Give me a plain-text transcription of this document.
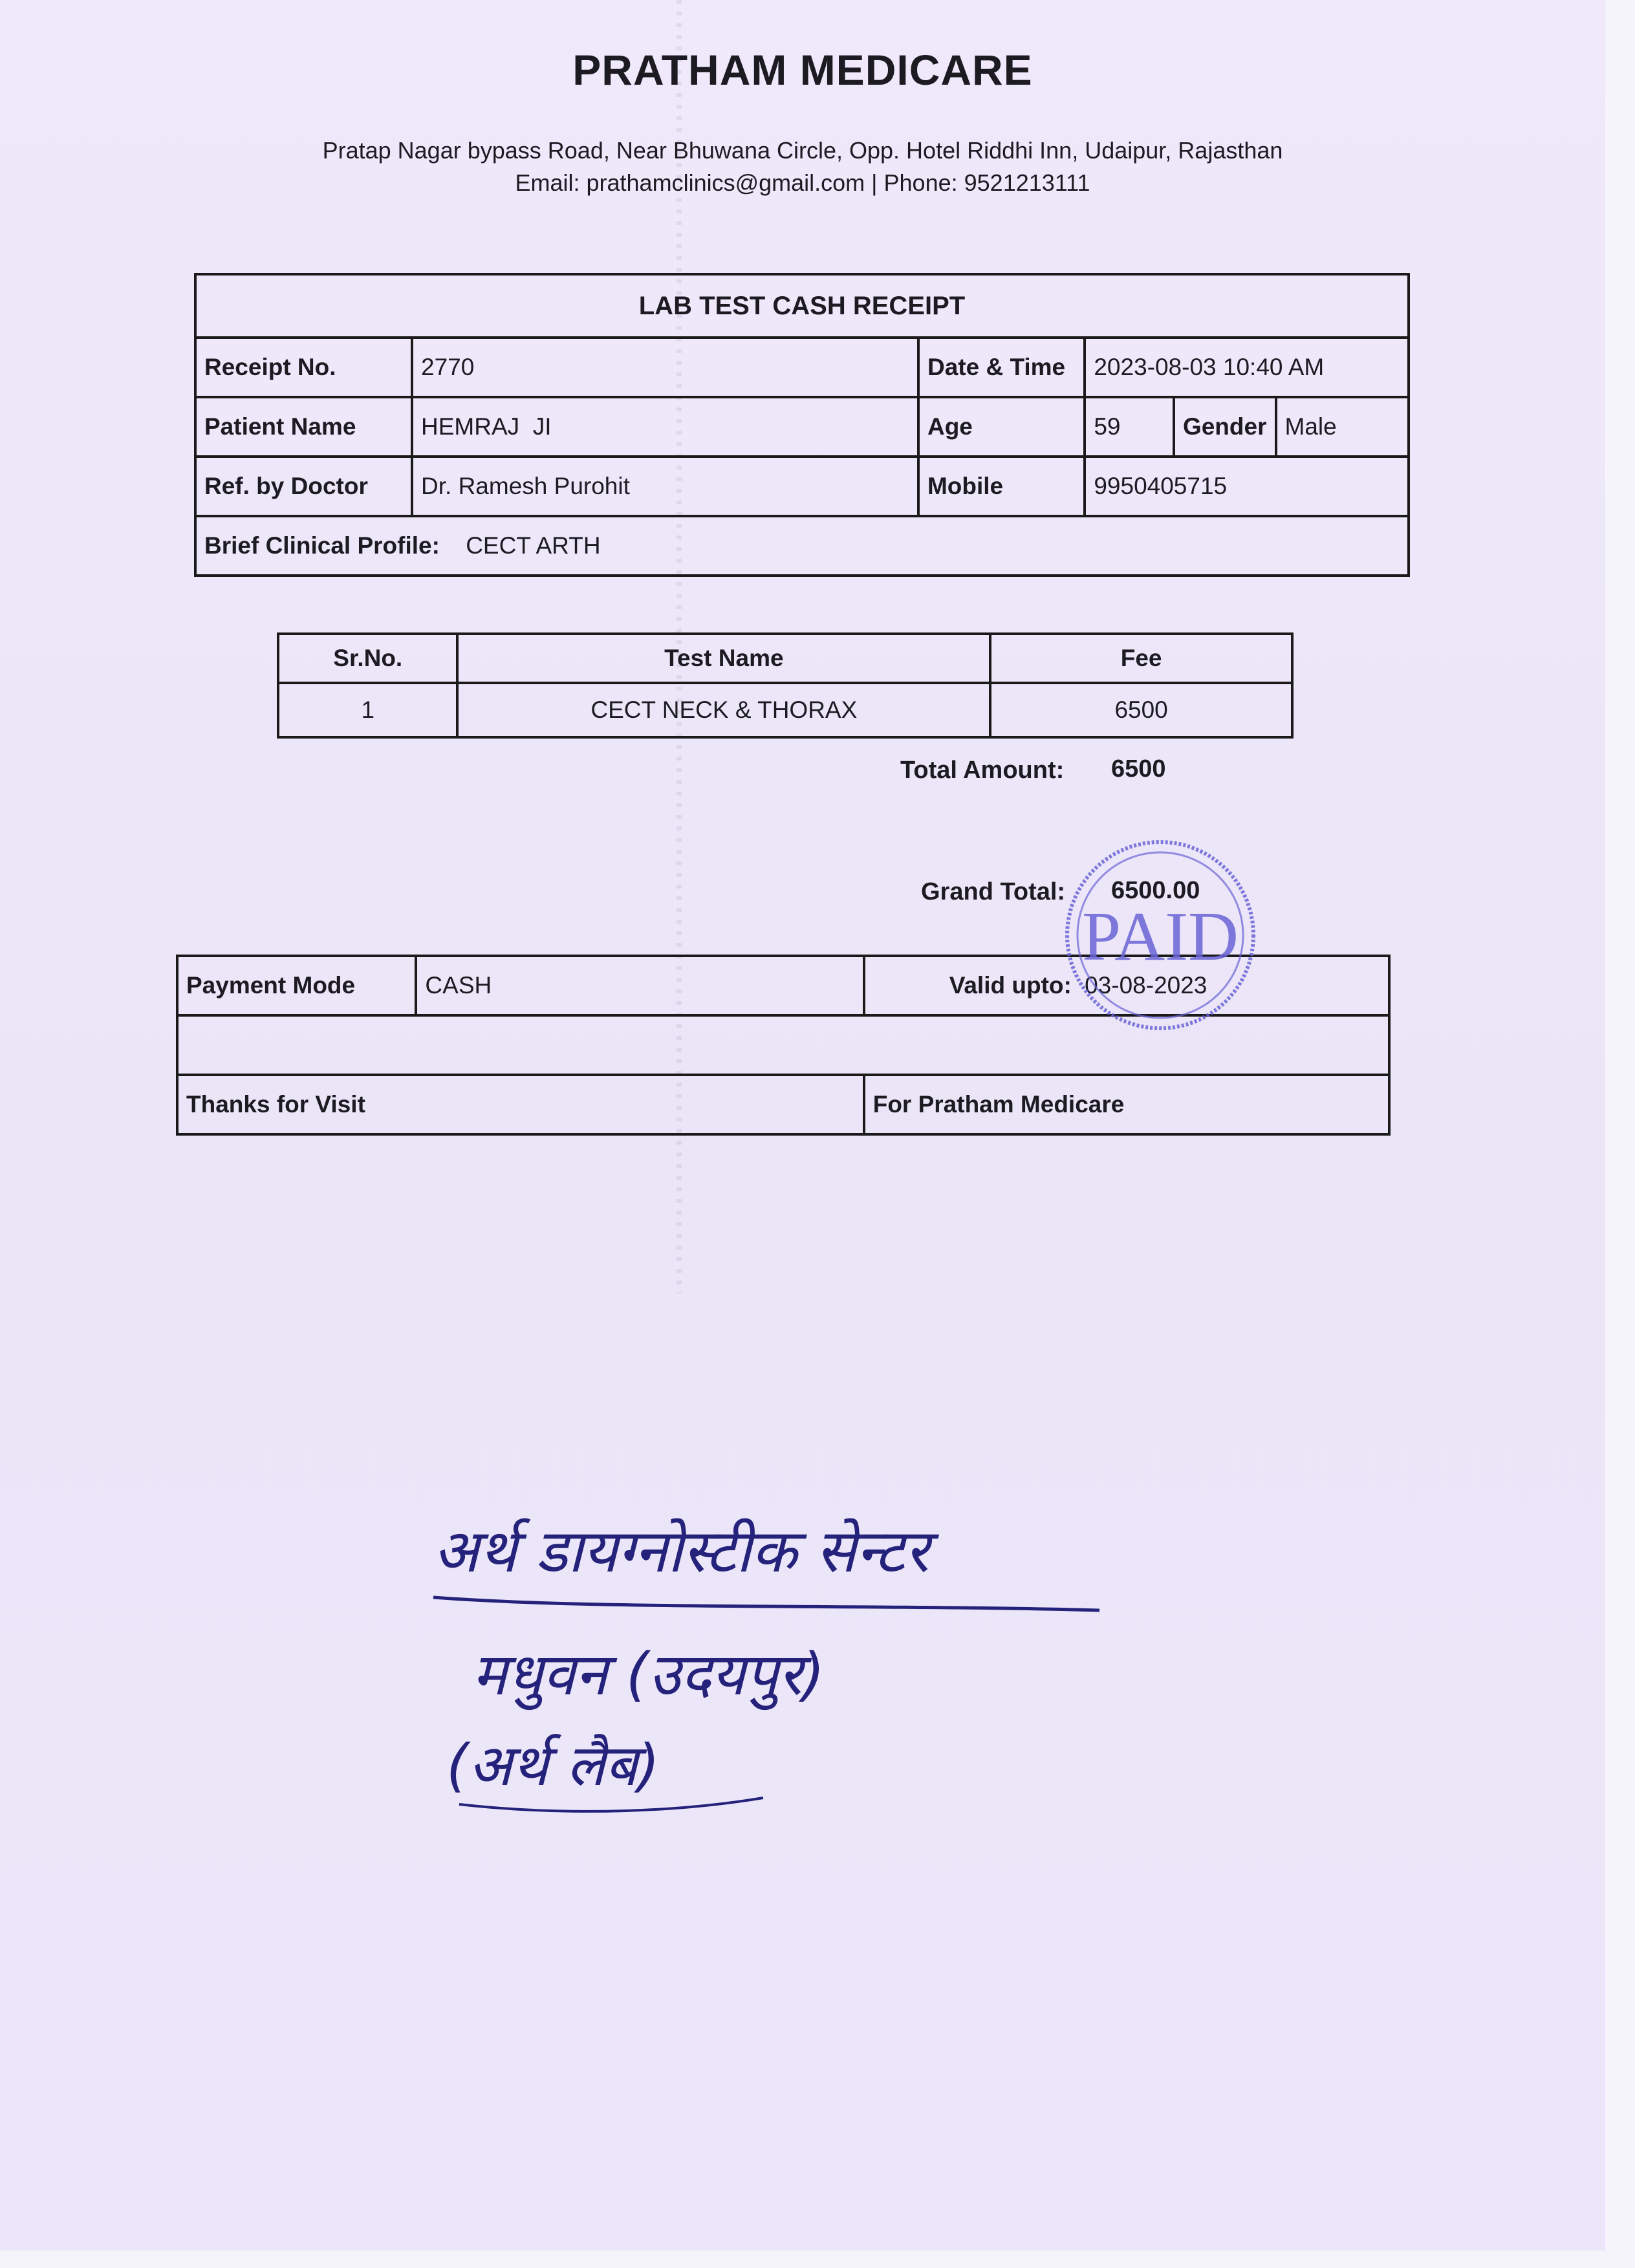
PRATHAM MEDICARE
Pratap Nagar bypass Road, Near Bhuwana Circle, Opp. Hotel Riddhi Inn, Udaipur, Rajasthan
Email: prathamclinics@gmail.com | Phone: 9521213111
LAB TEST CASH RECEIPT					
Receipt No.	2770	Date & Time	2023-08-03 10:40 AM		
Patient Name	HEMRAJ  JI	Age	59	Gender	Male
Ref. by Doctor	Dr. Ramesh Purohit	Mobile	9950405715		
Brief Clinical Profile: CECT ARTH					
Sr.No.	Test Name	Fee
1	CECT NECK & THORAX	6500
Total Amount: 6500
Grand Total: 6500.00
Payment Mode	CASH	Valid upto: 03-08-2023

Thanks for Visit		For Pratham Medicare
PAID
अर्थ डायग्नोस्टीक सेन्टर
मधुवन (उदयपुर)
(अर्थ लैब)
